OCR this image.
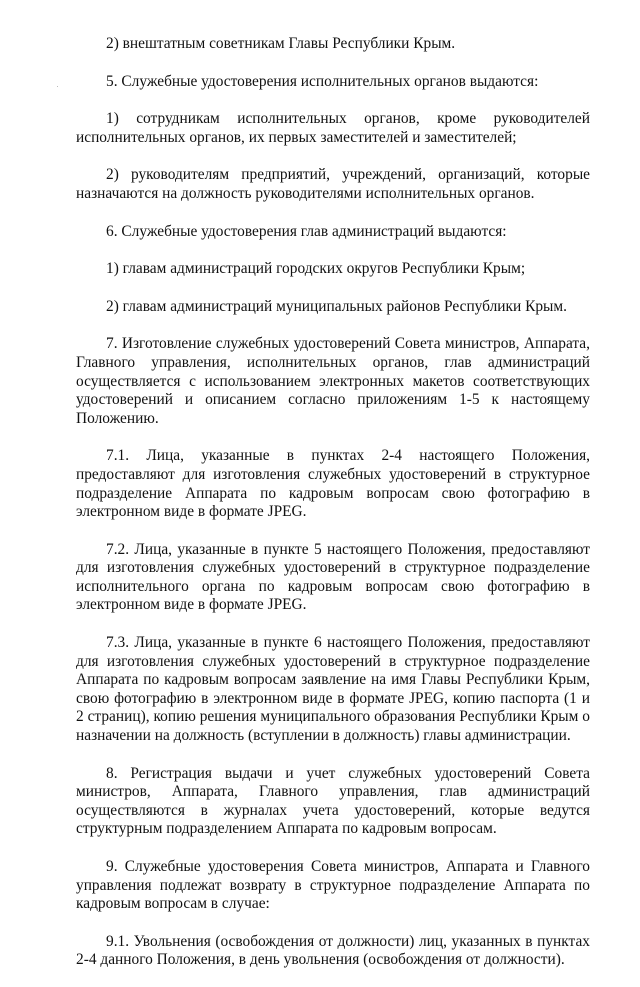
2) внештатным советникам Главы Республики Крым.

5. Служебные удостоверения исполнительных органов выдаются:

1) сотрудникам исполнительных органов, кроме руководителей исполнительных органов, их первых заместителей и заместителей;

2) руководителям предприятий, учреждений, организаций, которые назначаются на должность руководителями исполнительных органов.

6. Служебные удостоверения глав администраций выдаются:

1) главам администраций городских округов Республики Крым;

2) главам администраций муниципальных районов Республики Крым.

7. Изготовление служебных удостоверений Совета министров, Аппарата, Главного управления, исполнительных органов, глав администраций осуществляется с использованием электронных макетов соответствующих удостоверений и описанием согласно приложениям 1-5 к настоящему Положению.

7.1. Лица, указанные в пунктах 2-4 настоящего Положения, предоставляют для изготовления служебных удостоверений в структурное подразделение Аппарата по кадровым вопросам свою фотографию в электронном виде в формате JPEG.

7.2. Лица, указанные в пункте 5 настоящего Положения, предоставляют для изготовления служебных удостоверений в структурное подразделение исполнительного органа по кадровым вопросам свою фотографию в электронном виде в формате JPEG.

7.3. Лица, указанные в пункте 6 настоящего Положения, предоставляют для изготовления служебных удостоверений в структурное подразделение Аппарата по кадровым вопросам заявление на имя Главы Республики Крым, свою фотографию в электронном виде в формате JPEG, копию паспорта (1 и 2 страниц), копию решения муниципального образования Республики Крым о назначении на должность (вступлении в должность) главы администрации.

8. Регистрация выдачи и учет служебных удостоверений Совета министров, Аппарата, Главного управления, глав администраций осуществляются в журналах учета удостоверений, которые ведутся структурным подразделением Аппарата по кадровым вопросам.

9. Служебные удостоверения Совета министров, Аппарата и Главного управления подлежат возврату в структурное подразделение Аппарата по кадровым вопросам в случае:

9.1. Увольнения (освобождения от должности) лиц, указанных в пунктах 2-4 данного Положения, в день увольнения (освобождения от должности).
